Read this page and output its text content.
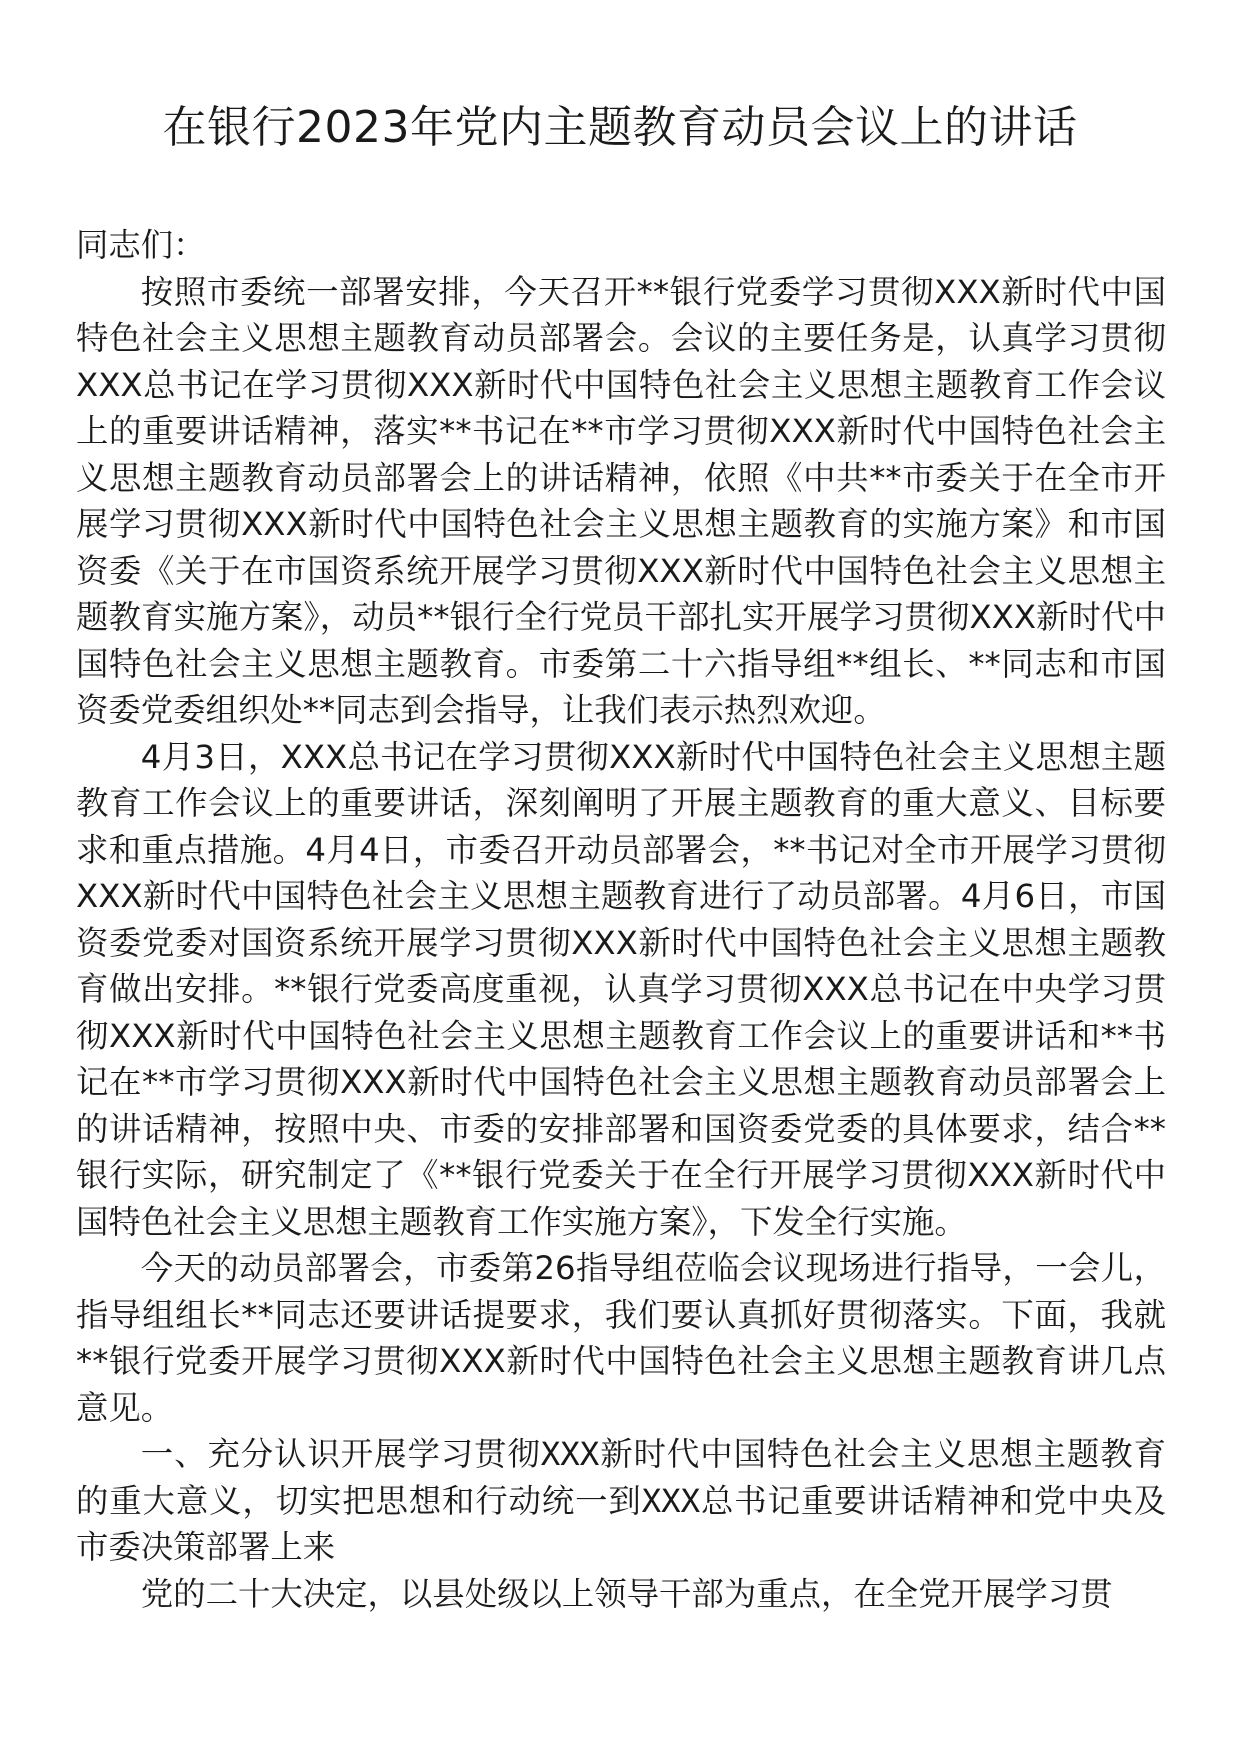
在银行2023年党内主题教育动员会议上的讲话

同志们：

按照市委统一部署安排，今天召开**银行党委学习贯彻XXX新时代中国特色社会主义思想主题教育动员部署会。会议的主要任务是，认真学习贯彻XXX总书记在学习贯彻XXX新时代中国特色社会主义思想主题教育工作会议上的重要讲话精神，落实**书记在**市学习贯彻XXX新时代中国特色社会主义思想主题教育动员部署会上的讲话精神，依照《中共**市委关于在全市开展学习贯彻XXX新时代中国特色社会主义思想主题教育的实施方案》和市国资委《关于在市国资系统开展学习贯彻XXX新时代中国特色社会主义思想主题教育实施方案》，动员**银行全行党员干部扎实开展学习贯彻XXX新时代中国特色社会主义思想主题教育。市委第二十六指导组**组长、**同志和市国资委党委组织处**同志到会指导，让我们表示热烈欢迎。

4月3日，XXX总书记在学习贯彻XXX新时代中国特色社会主义思想主题教育工作会议上的重要讲话，深刻阐明了开展主题教育的重大意义、目标要求和重点措施。4月4日，市委召开动员部署会，**书记对全市开展学习贯彻XXX新时代中国特色社会主义思想主题教育进行了动员部署。4月6日，市国资委党委对国资系统开展学习贯彻XXX新时代中国特色社会主义思想主题教育做出安排。**银行党委高度重视，认真学习贯彻XXX总书记在中央学习贯彻XXX新时代中国特色社会主义思想主题教育工作会议上的重要讲话和**书记在**市学习贯彻XXX新时代中国特色社会主义思想主题教育动员部署会上的讲话精神，按照中央、市委的安排部署和国资委党委的具体要求，结合**银行实际，研究制定了《**银行党委关于在全行开展学习贯彻XXX新时代中国特色社会主义思想主题教育工作实施方案》，下发全行实施。

今天的动员部署会，市委第26指导组莅临会议现场进行指导，一会儿，指导组组长**同志还要讲话提要求，我们要认真抓好贯彻落实。下面，我就**银行党委开展学习贯彻XXX新时代中国特色社会主义思想主题教育讲几点意见。

一、充分认识开展学习贯彻XXX新时代中国特色社会主义思想主题教育的重大意义，切实把思想和行动统一到XXX总书记重要讲话精神和党中央及市委决策部署上来

党的二十大决定，以县处级以上领导干部为重点，在全党开展学习贯
